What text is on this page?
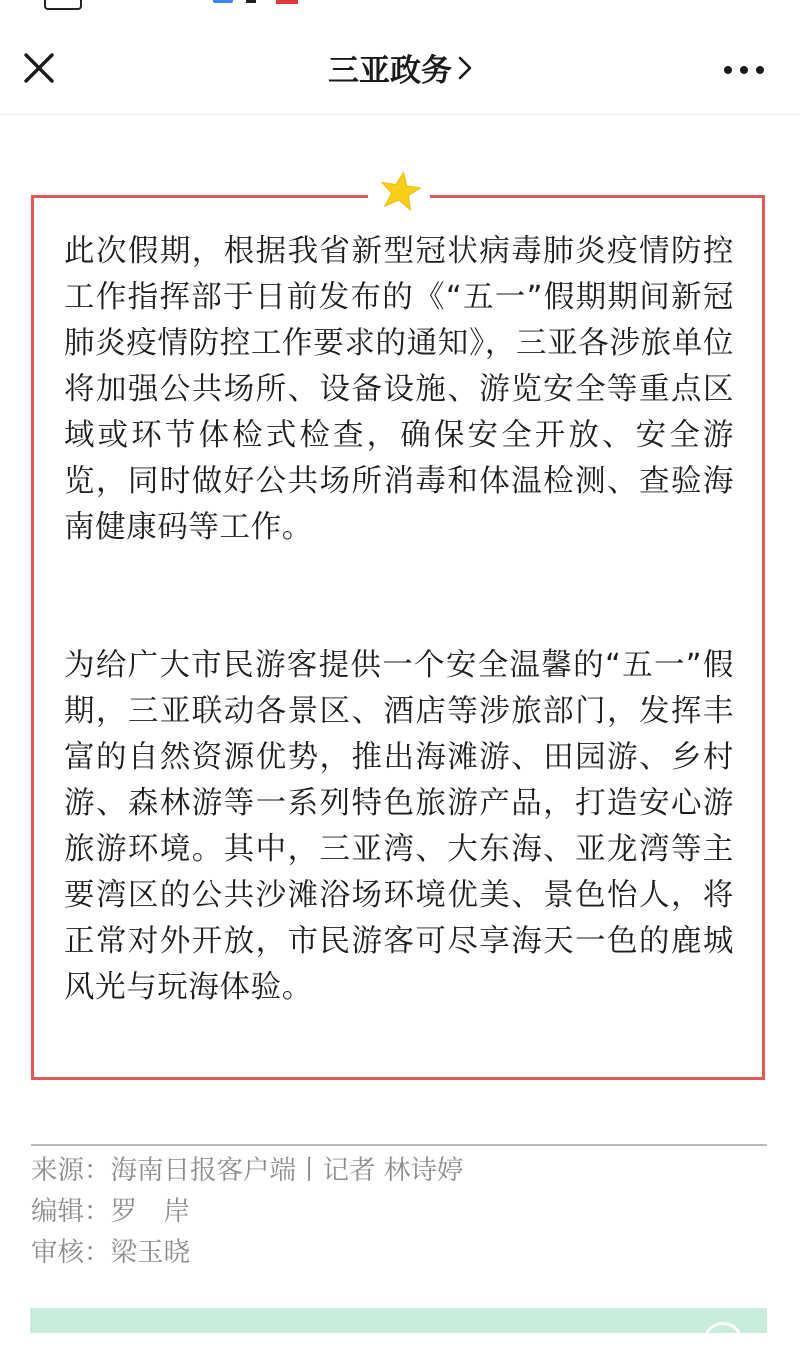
三亚政务

此次假期，根据我省新型冠状病毒肺炎疫情防控工作指挥部于日前发布的《“五一”假期期间新冠肺炎疫情防控工作要求的通知》，三亚各涉旅单位将加强公共场所、设备设施、游览安全等重点区域或环节体检式检查，确保安全开放、安全游览，同时做好公共场所消毒和体温检测、查验海南健康码等工作。

为给广大市民游客提供一个安全温馨的“五一”假期，三亚联动各景区、酒店等涉旅部门，发挥丰富的自然资源优势，推出海滩游、田园游、乡村游、森林游等一系列特色旅游产品，打造安心游旅游环境。其中，三亚湾、大东海、亚龙湾等主要湾区的公共沙滩浴场环境优美、景色怡人，将正常对外开放，市民游客可尽享海天一色的鹿城风光与玩海体验。

来源：海南日报客户端丨记者 林诗婷
编辑：罗　岸
审核：梁玉晓
